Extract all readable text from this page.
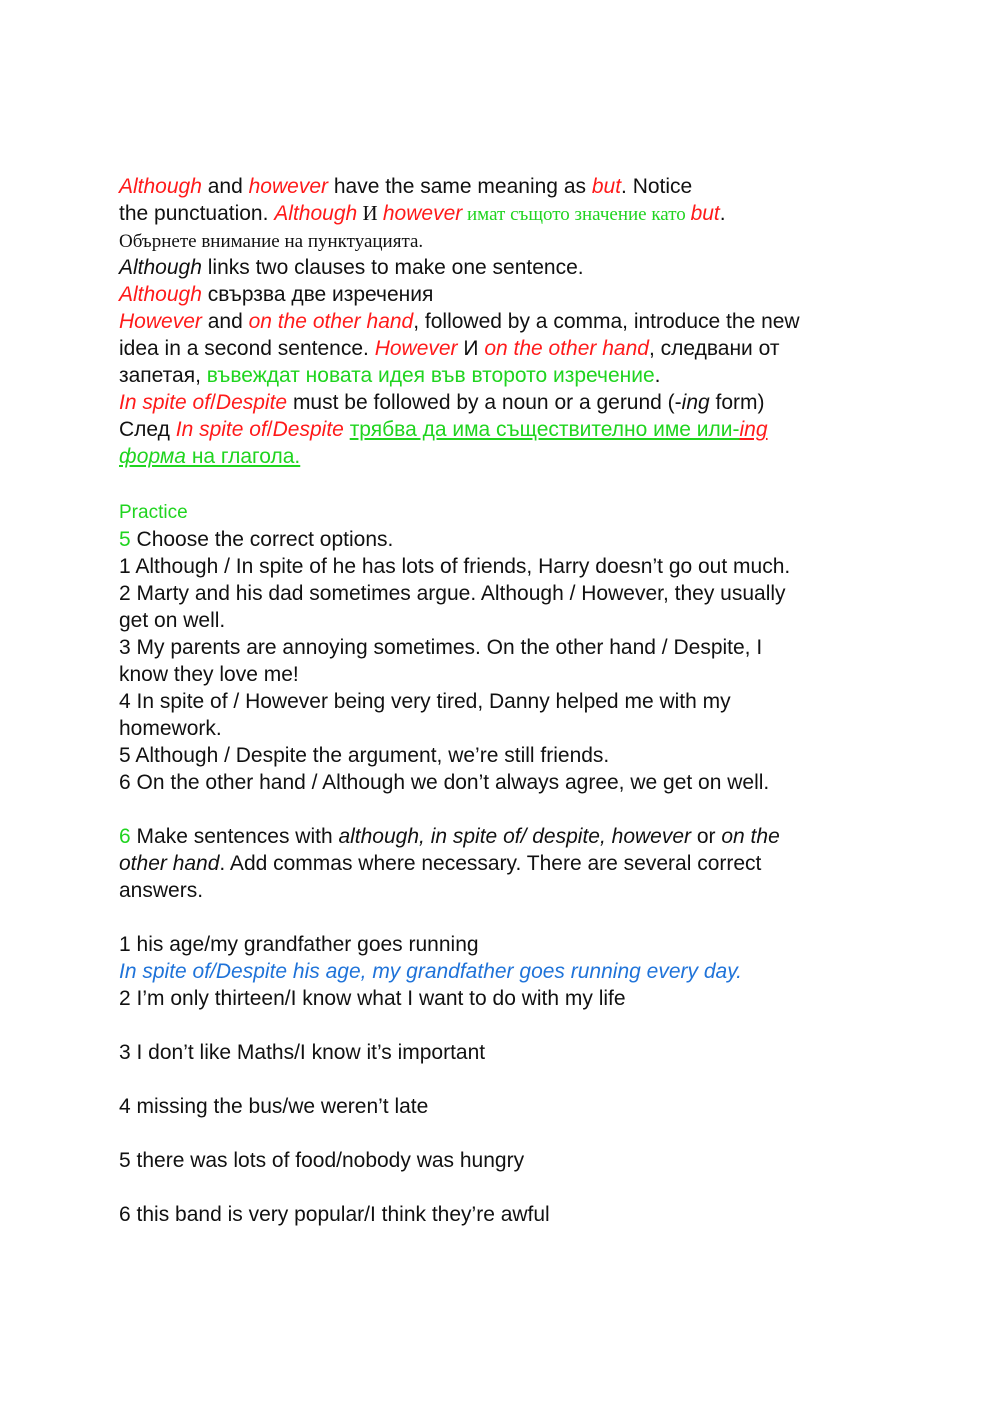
Although and however have the same meaning as but. Notice
the punctuation. Although И however имат същото значение като but.
Обърнете внимание на пунктуацията.
Although links two clauses to make one sentence.
Although свързва две изречения
However and on the other hand, followed by a comma, introduce the new
idea in a second sentence. However И on the other hand, следвани от
запетая, въвеждат новата идея във второто изречение.
In spite of/Despite must be followed by a noun or a gerund (-ing form)
След In spite of/Despite трябва да има съществително име или-ing
форма на глагола.
Practice
5 Choose the correct options.
1 Although / In spite of he has lots of friends, Harry doesn’t go out much.
2 Marty and his dad sometimes argue. Although / However, they usually
get on well.
3 My parents are annoying sometimes. On the other hand / Despite, I
know they love me!
4 In spite of / However being very tired, Danny helped me with my
homework.
5 Although / Despite the argument, we’re still friends.
6 On the other hand / Although we don’t always agree, we get on well.
6 Make sentences with although, in spite of/ despite, however or on the
other hand. Add commas where necessary. There are several correct
answers.
1 his age/my grandfather goes running
In spite of/Despite his age, my grandfather goes running every day.
2 I’m only thirteen/I know what I want to do with my life
3 I don’t like Maths/I know it’s important
4 missing the bus/we weren’t late
5 there was lots of food/nobody was hungry
6 this band is very popular/I think they’re awful
